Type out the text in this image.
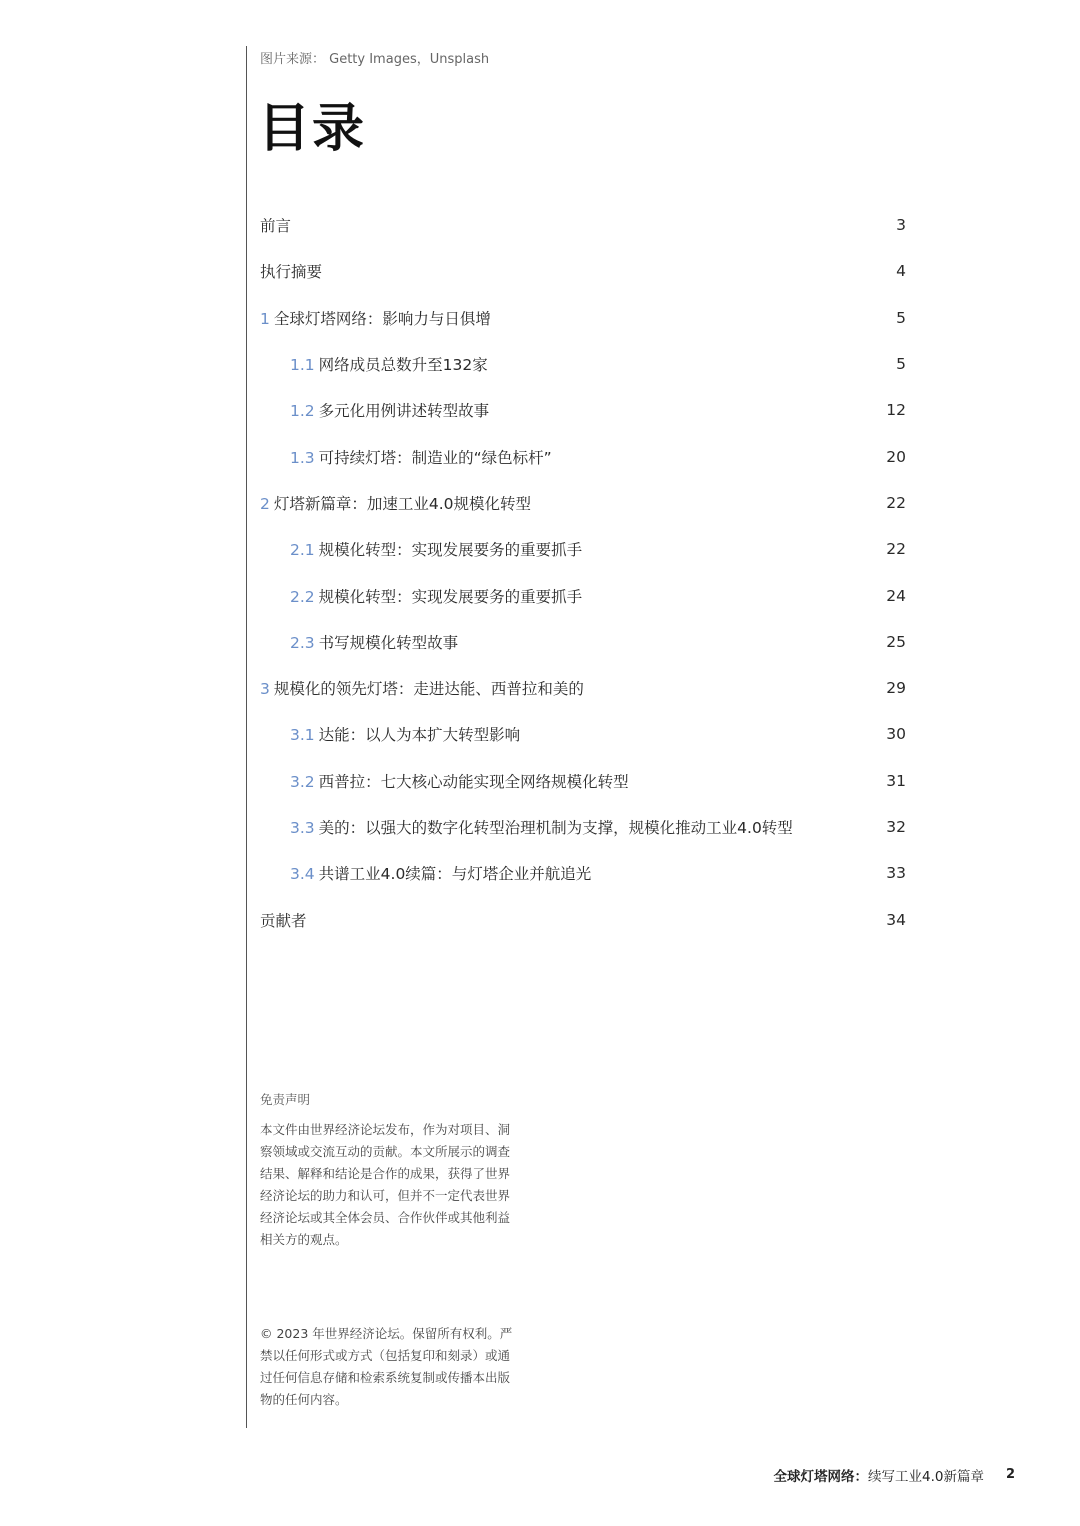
图片来源： Getty Images，Unsplash
目录
前言	3
执行摘要	4
1 全球灯塔网络：影响力与日俱增	5
1.1 网络成员总数升至132家	5
1.2 多元化用例讲述转型故事	12
1.3 可持续灯塔：制造业的“绿色标杆”	20
2 灯塔新篇章：加速工业4.0规模化转型	22
2.1 规模化转型：实现发展要务的重要抓手	22
2.2 规模化转型：实现发展要务的重要抓手	24
2.3 书写规模化转型故事	25
3 规模化的领先灯塔：走进达能、西普拉和美的	29
3.1 达能：以人为本扩大转型影响	30
3.2 西普拉：七大核心动能实现全网络规模化转型	31
3.3 美的：以强大的数字化转型治理机制为支撑，规模化推动工业4.0转型	32
3.4 共谱工业4.0续篇：与灯塔企业并航追光	33
贡献者	34
免责声明
本文件由世界经济论坛发布，作为对项目、洞察领域或交流互动的贡献。本文所展示的调查结果、解释和结论是合作的成果，获得了世界经济论坛的助力和认可，但并不一定代表世界经济论坛或其全体会员、合作伙伴或其他利益相关方的观点。
© 2023 年世界经济论坛。保留所有权利。严禁以任何形式或方式（包括复印和刻录）或通过任何信息存储和检索系统复制或传播本出版物的任何内容。
全球灯塔网络：续写工业4.0新篇章 2
